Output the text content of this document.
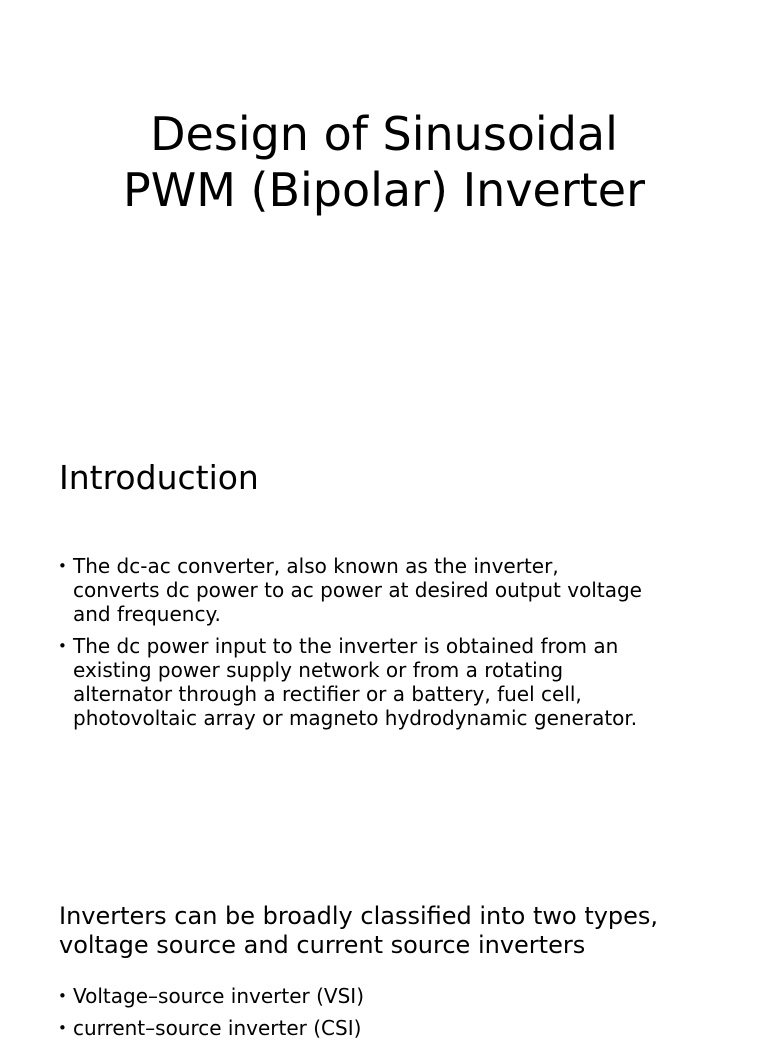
Design of Sinusoidal
PWM (Bipolar) Inverter
Introduction
• The dc-ac converter, also known as the inverter,
converts dc power to ac power at desired output voltage
and frequency.
• The dc power input to the inverter is obtained from an
existing power supply network or from a rotating
alternator through a rectifier or a battery, fuel cell,
photovoltaic array or magneto hydrodynamic generator.
Inverters can be broadly classified into two types,
voltage source and current source inverters
• Voltage–source inverter (VSI)
• current–source inverter (CSI)
